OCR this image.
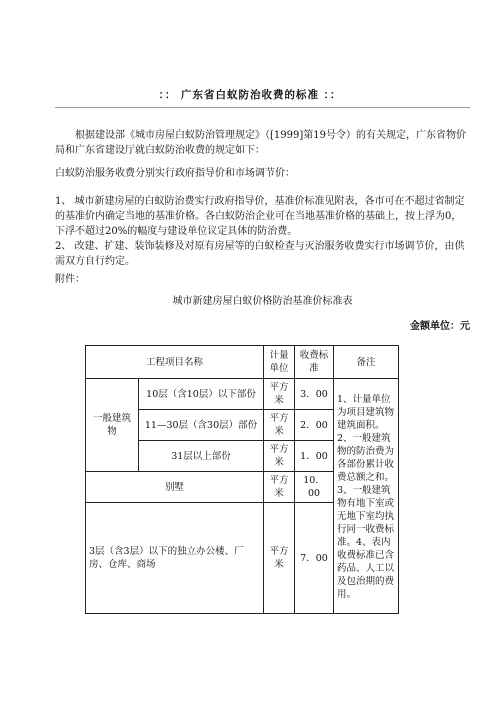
：： 广东省白蚁防治收费的标准 ：：
根据建设部《城市房屋白蚁防治管理规定》（[1999]第19号令）的有关规定，广东省物价局和广东省建设厅就白蚁防治收费的规定如下：
白蚁防治服务收费分别实行政府指导价和市场调节价：
1、 城市新建房屋的白蚁防治费实行政府指导价，基准价标准见附表，各市可在不超过省制定的基准价内确定当地的基准价格。各白蚁防治企业可在当地基准价格的基础上，按上浮为0，下浮不超过20%的幅度与建设单位议定具体的防治费。
2、 改建、扩建、装饰装修及对原有房屋等的白蚁检查与灭治服务收费实行市场调节价，由供需双方自行约定。
附件：
城市新建房屋白蚁价格防治基准价标准表
金额单位：元
工程项目名称		计量单位	收费标准	备注
一般建筑物	10层（含10层）以下部份	平方米	3．00	1、计量单位为项目建筑物建筑面积。2、一般建筑物的防治费为各部份累计收费总额之和。3、一般建筑物有地下室或无地下室均执行同一收费标准。4、表内收费标准已含药品、人工以及包治期的费用。
	11—30层（含30层）部份	平方米	2．00	
	31层以上部份	平方米	1．00	
别墅		平方米	10．00	
3层（含3层）以下的独立办公楼、厂房、仓库、商场		平方米	7．00	
